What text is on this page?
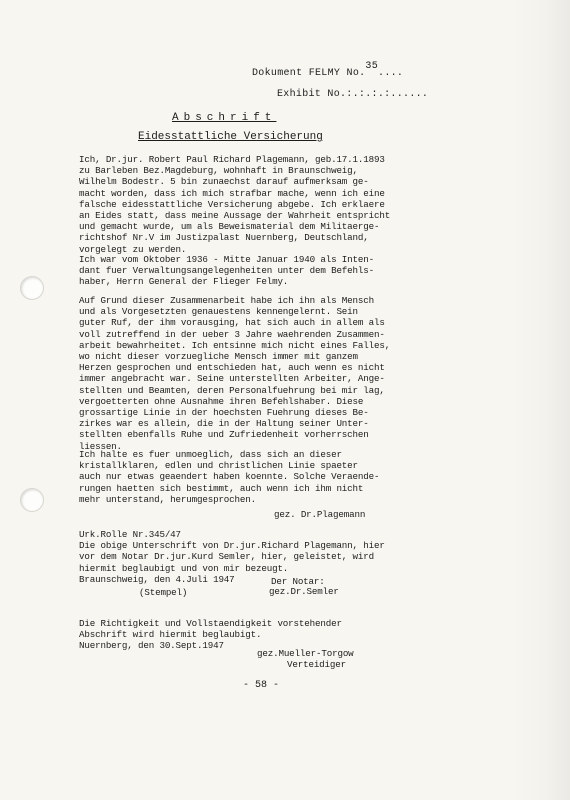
Dokument FELMY No.35....
Exhibit No.:.:.:.:......
Abschrift
Eidesstattliche Versicherung
Ich, Dr.jur. Robert Paul Richard Plagemann, geb.17.1.1893
zu Barleben Bez.Magdeburg, wohnhaft in Braunschweig,
Wilhelm Bodestr. 5 bin zunaechst darauf aufmerksam ge-
macht worden, dass ich mich strafbar mache, wenn ich eine
falsche eidesstattliche Versicherung abgebe. Ich erklaere
an Eides statt, dass meine Aussage der Wahrheit entspricht
und gemacht wurde, um als Beweismaterial dem Militaerge-
richtshof Nr.V im Justizpalast Nuernberg, Deutschland,
vorgelegt zu werden.
Ich war vom Oktober 1936 - Mitte Januar 1940 als Inten-
dant fuer Verwaltungsangelegenheiten unter dem Befehls-
haber, Herrn General der Flieger Felmy.
Auf Grund dieser Zusammenarbeit habe ich ihn als Mensch
und als Vorgesetzten genauestens kennengelernt. Sein
guter Ruf, der ihm vorausging, hat sich auch in allem als
voll zutreffend in der ueber 3 Jahre waehrenden Zusammen-
arbeit bewahrheitet. Ich entsinne mich nicht eines Falles,
wo nicht dieser vorzuegliche Mensch immer mit ganzem
Herzen gesprochen und entschieden hat, auch wenn es nicht
immer angebracht war. Seine unterstellten Arbeiter, Ange-
stellten und Beamten, deren Personalfuehrung bei mir lag,
vergoetterten ohne Ausnahme ihren Befehlshaber. Diese
grossartige Linie in der hoechsten Fuehrung dieses Be-
zirkes war es allein, die in der Haltung seiner Unter-
stellten ebenfalls Ruhe und Zufriedenheit vorherrschen
liessen.
Ich halte es fuer unmoeglich, dass sich an dieser
kristallklaren, edlen und christlichen Linie spaeter
auch nur etwas geaendert haben koennte. Solche Veraende-
rungen haetten sich bestimmt, auch wenn ich ihm nicht
mehr unterstand, herumgesprochen.
gez. Dr.Plagemann
Urk.Rolle Nr.345/47
Die obige Unterschrift von Dr.jur.Richard Plagemann, hier
vor dem Notar Dr.jur.Kurd Semler, hier, geleistet, wird
hiermit beglaubigt und von mir bezeugt.
Braunschweig, den 4.Juli 1947	Der Notar:
(Stempel)	gez.Dr.Semler
Die Richtigkeit und Vollstaendigkeit vorstehender
Abschrift wird hiermit beglaubigt.
Nuernberg, den 30.Sept.1947
gez.Mueller-Torgow
Verteidiger
- 58 -
